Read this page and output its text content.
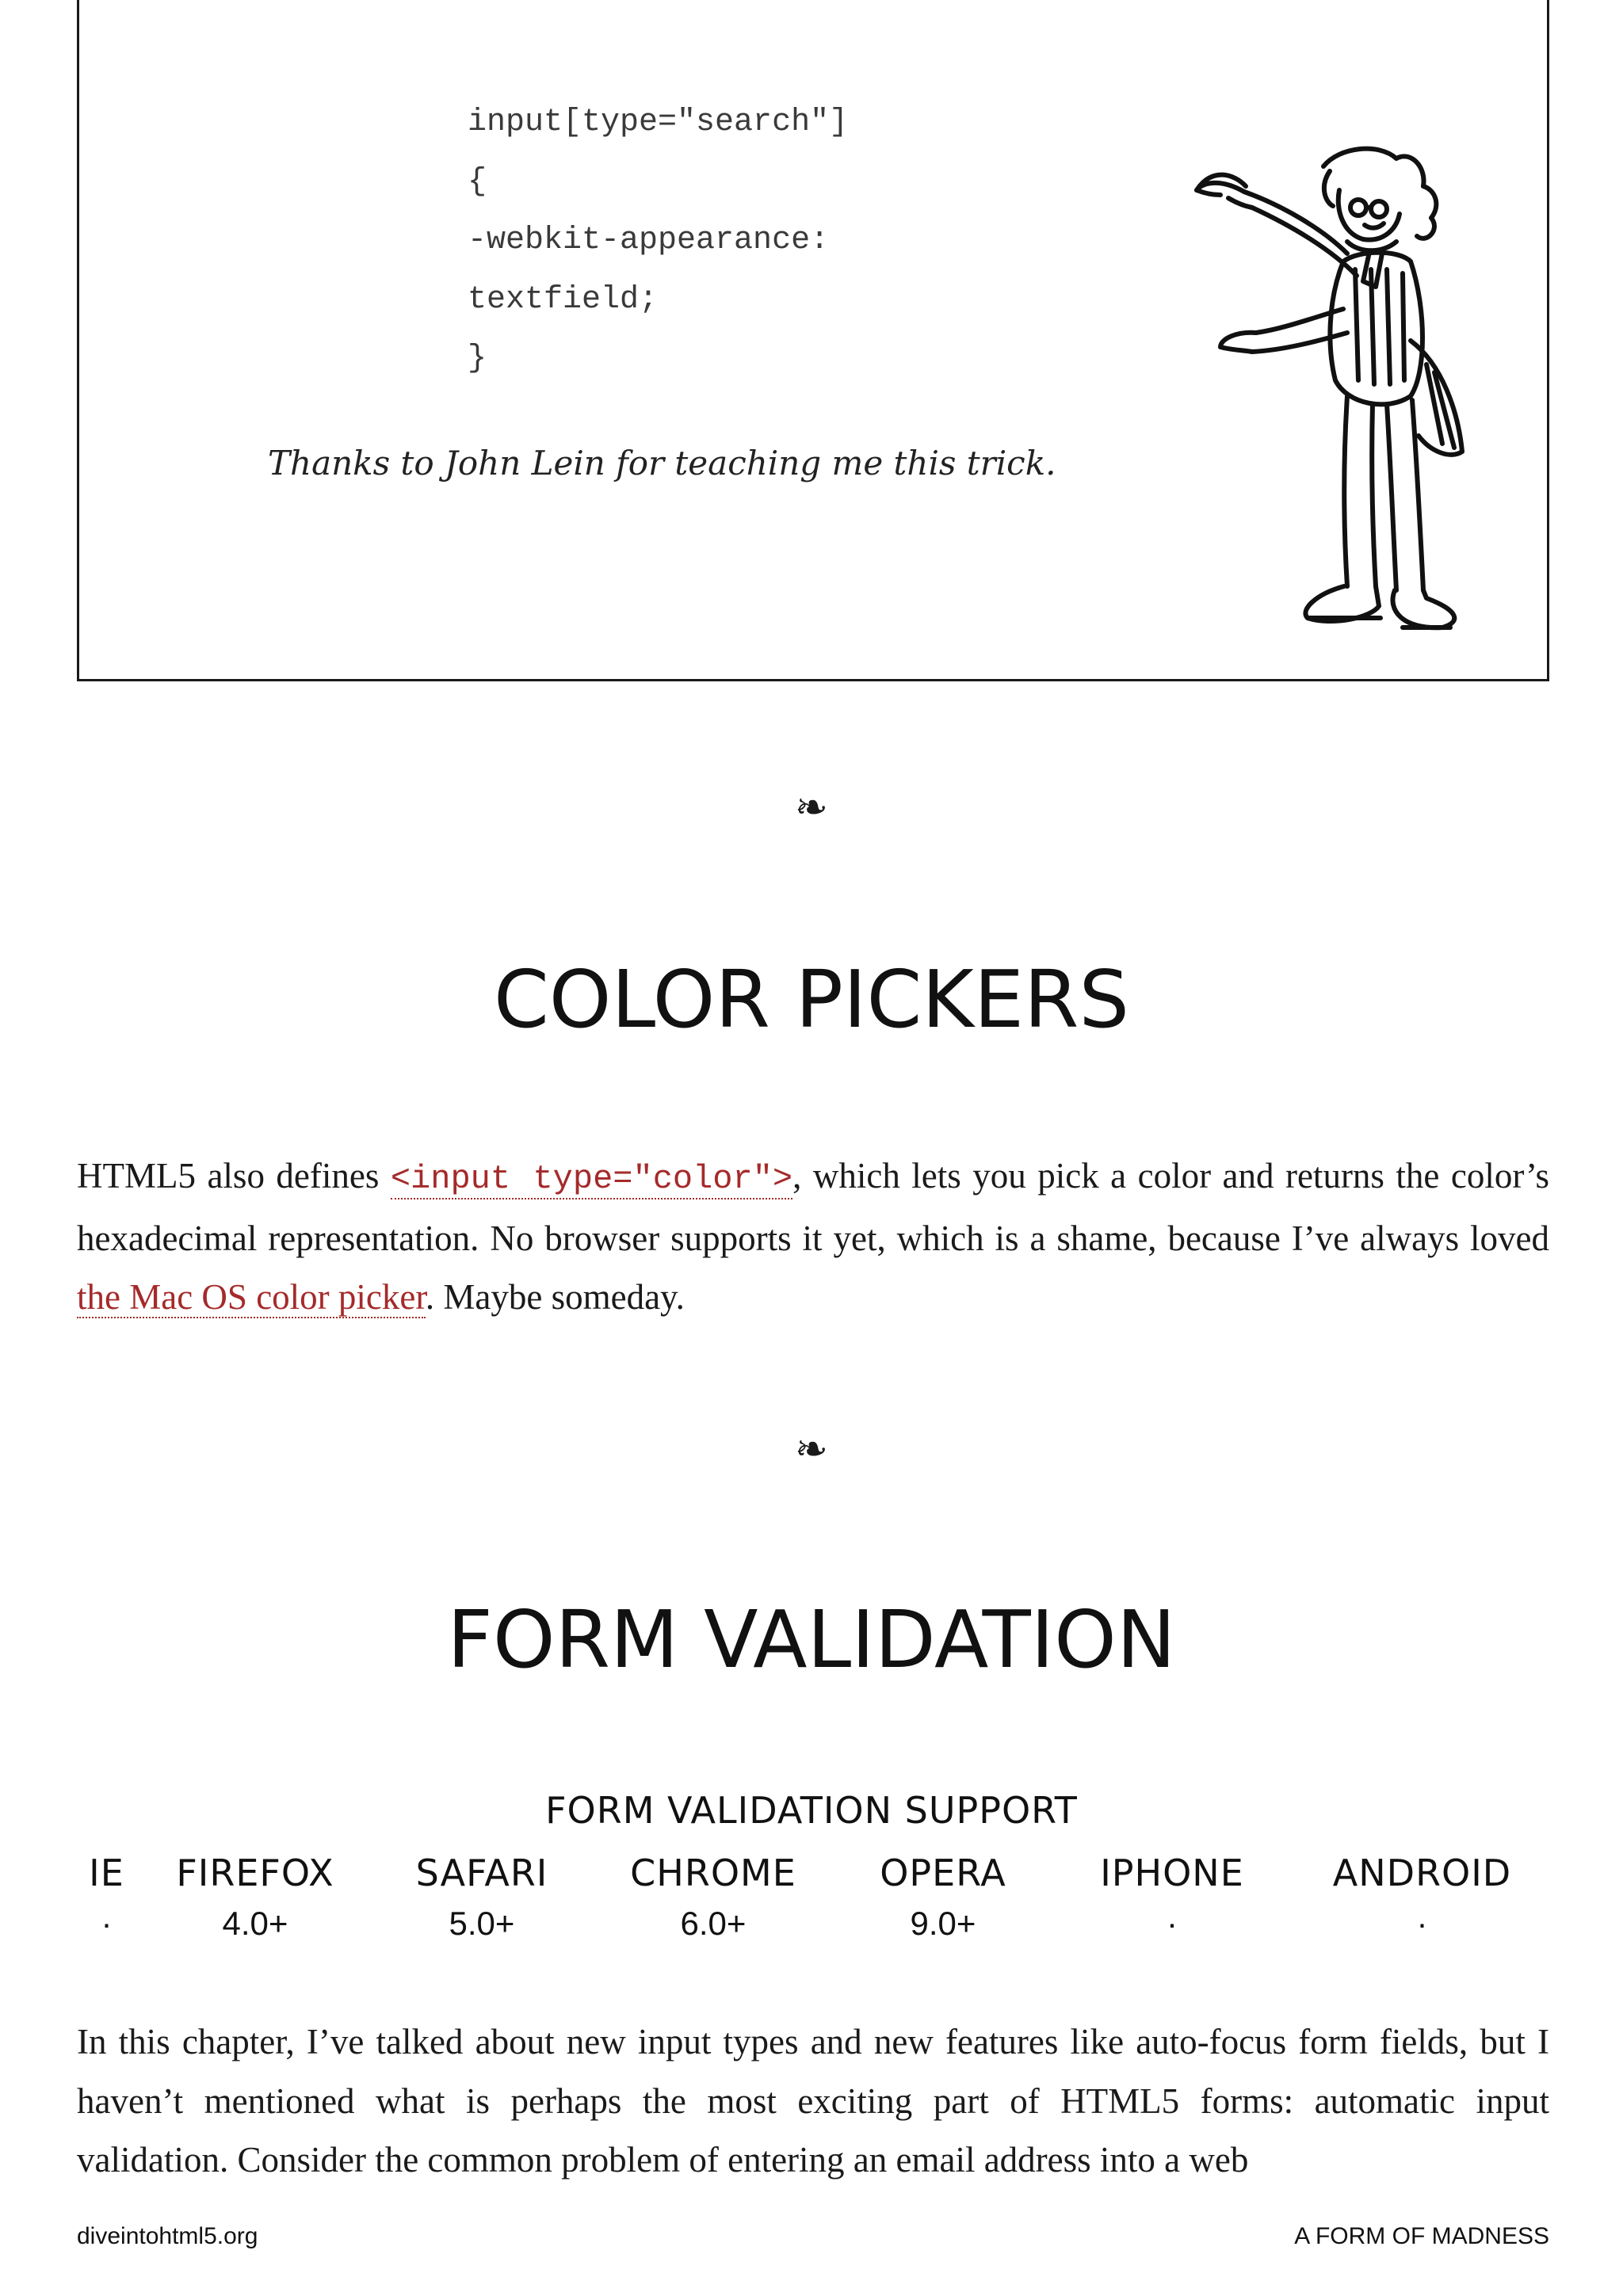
input[type="search"]
{
-webkit-appearance:
textfield;
}
Thanks to John Lein for teaching me this trick.
❧
COLOR PICKERS

HTML5 also defines <input type="color">, which lets you pick a color and returns the color’s hexadecimal representation. No browser supports it yet, which is a shame, because I’ve always loved the Mac OS color picker. Maybe someday.

❧
FORM VALIDATION
FORM VALIDATION SUPPORT
IE	FIREFOX	SAFARI	CHROME	OPERA	IPHONE	ANDROID
·	4.0+	5.0+	6.0+	9.0+	·	·

In this chapter, I’ve talked about new input types and new features like auto-focus form fields, but I haven’t mentioned what is perhaps the most exciting part of HTML5 forms: automatic input validation. Consider the common problem of entering an email address into a web

diveintohtml5.org	A FORM OF MADNESS
